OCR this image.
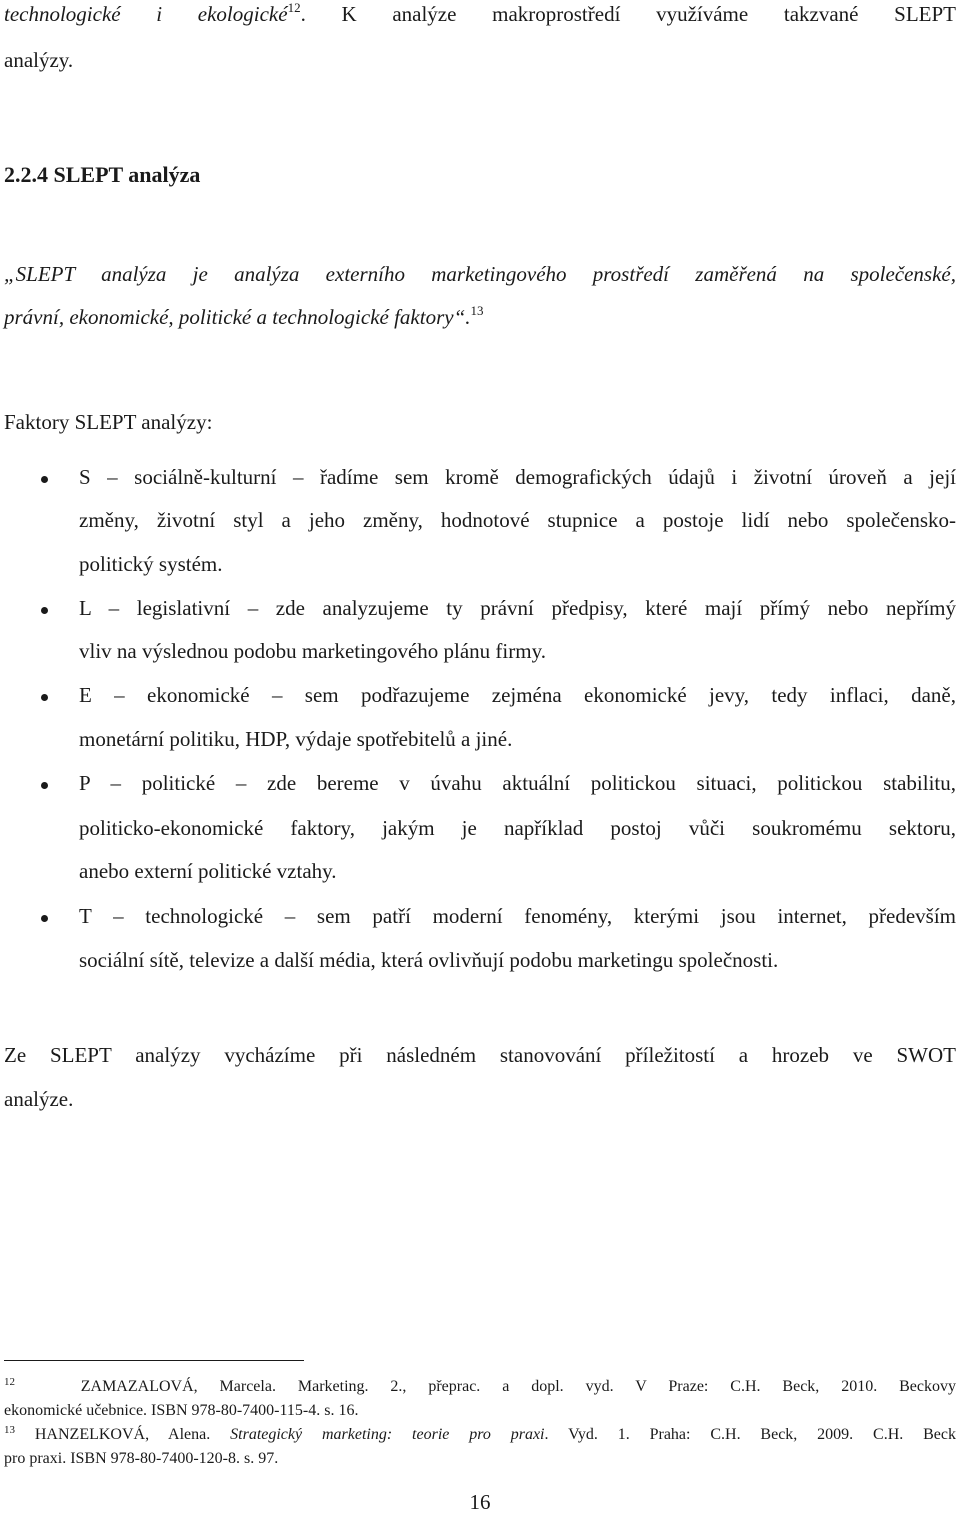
technologické i ekologické$^{12}$. K analýze makroprostředí využíváme takzvané SLEPT
analýzy.
2.2.4 SLEPT analýza
„SLEPT analýza je analýza externího marketingového prostředí zaměřená na společenské,
právní, ekonomické, politické a technologické faktory“.$^{13}$
Faktory SLEPT analýzy:
S – sociálně-kulturní – řadíme sem kromě demografických údajů i životní úroveň a její
změny, životní styl a jeho změny, hodnotové stupnice a postoje lidí nebo společensko-
politický systém.
L – legislativní – zde analyzujeme ty právní předpisy, které mají přímý nebo nepřímý
vliv na výslednou podobu marketingového plánu firmy.
E – ekonomické – sem podřazujeme zejména ekonomické jevy, tedy inflaci, daně,
monetární politiku, HDP, výdaje spotřebitelů a jiné.
P – politické – zde bereme v úvahu aktuální politickou situaci, politickou stabilitu,
politicko-ekonomické faktory, jakým je například postoj vůči soukromému sektoru,
anebo externí politické vztahy.
T – technologické – sem patří moderní fenomény, kterými jsou internet, především
sociální sítě, televize a další média, která ovlivňují podobu marketingu společnosti.
Ze SLEPT analýzy vycházíme při následném stanovování příležitostí a hrozeb ve SWOT
analýze.
$^{12}$	ZAMAZALOVÁ, Marcela. Marketing. 2., přeprac. a dopl. vyd. V Praze: C.H. Beck, 2010. Beckovy
ekonomické učebnice. ISBN 978-80-7400-115-4. s. 16.
$^{13}$ HANZELKOVÁ, Alena. Strategický marketing: teorie pro praxi. Vyd. 1. Praha: C.H. Beck, 2009. C.H. Beck
pro praxi. ISBN 978-80-7400-120-8. s. 97.
16
